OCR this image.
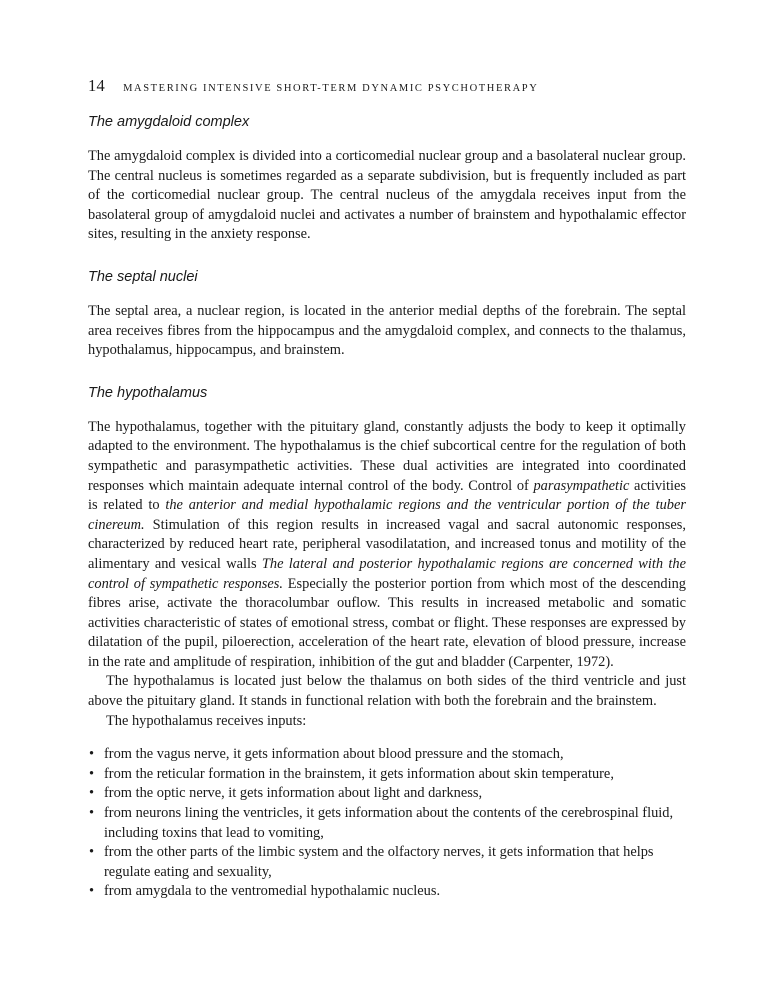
14 MASTERING INTENSIVE SHORT-TERM DYNAMIC PSYCHOTHERAPY
The amygdaloid complex

The amygdaloid complex is divided into a corticomedial nuclear group and a basolateral nuclear group. The central nucleus is sometimes regarded as a separate subdivision, but is frequently included as part of the corticomedial nuclear group. The central nucleus of the amygdala receives input from the basolateral group of amygdaloid nuclei and activates a number of brainstem and hypothalamic effector sites, resulting in the anxiety response.

The septal nuclei

The septal area, a nuclear region, is located in the anterior medial depths of the forebrain. The septal area receives fibres from the hippocampus and the amygdaloid complex, and connects to the thalamus, hypothalamus, hippocampus, and brainstem.

The hypothalamus

The hypothalamus, together with the pituitary gland, constantly adjusts the body to keep it optimally adapted to the environment. The hypothalamus is the chief subcortical centre for the regulation of both sympathetic and parasympathetic activities. These dual activities are integrated into coordinated responses which maintain adequate internal control of the body. Control of parasympathetic activities is related to the anterior and medial hypothalamic regions and the ventricular portion of the tuber cinereum. Stimulation of this region results in increased vagal and sacral autonomic responses, characterized by reduced heart rate, peripheral vasodilatation, and increased tonus and motility of the alimentary and vesical walls The lateral and posterior hypothalamic regions are concerned with the control of sympathetic responses. Especially the posterior portion from which most of the descending fibres arise, activate the thoracolumbar ouflow. This results in increased metabolic and somatic activities characteristic of states of emotional stress, combat or flight. These responses are expressed by dilatation of the pupil, piloerection, acceleration of the heart rate, elevation of blood pressure, increase in the rate and amplitude of respiration, inhibition of the gut and bladder (Carpenter, 1972).

The hypothalamus is located just below the thalamus on both sides of the third ventricle and just above the pituitary gland. It stands in functional relation with both the forebrain and the brainstem.

The hypothalamus receives inputs:

• from the vagus nerve, it gets information about blood pressure and the stomach,
• from the reticular formation in the brainstem, it gets information about skin temperature,
• from the optic nerve, it gets information about light and darkness,
• from neurons lining the ventricles, it gets information about the contents of the cerebrospinal fluid, including toxins that lead to vomiting,
• from the other parts of the limbic system and the olfactory nerves, it gets information that helps regulate eating and sexuality,
• from amygdala to the ventromedial hypothalamic nucleus.
